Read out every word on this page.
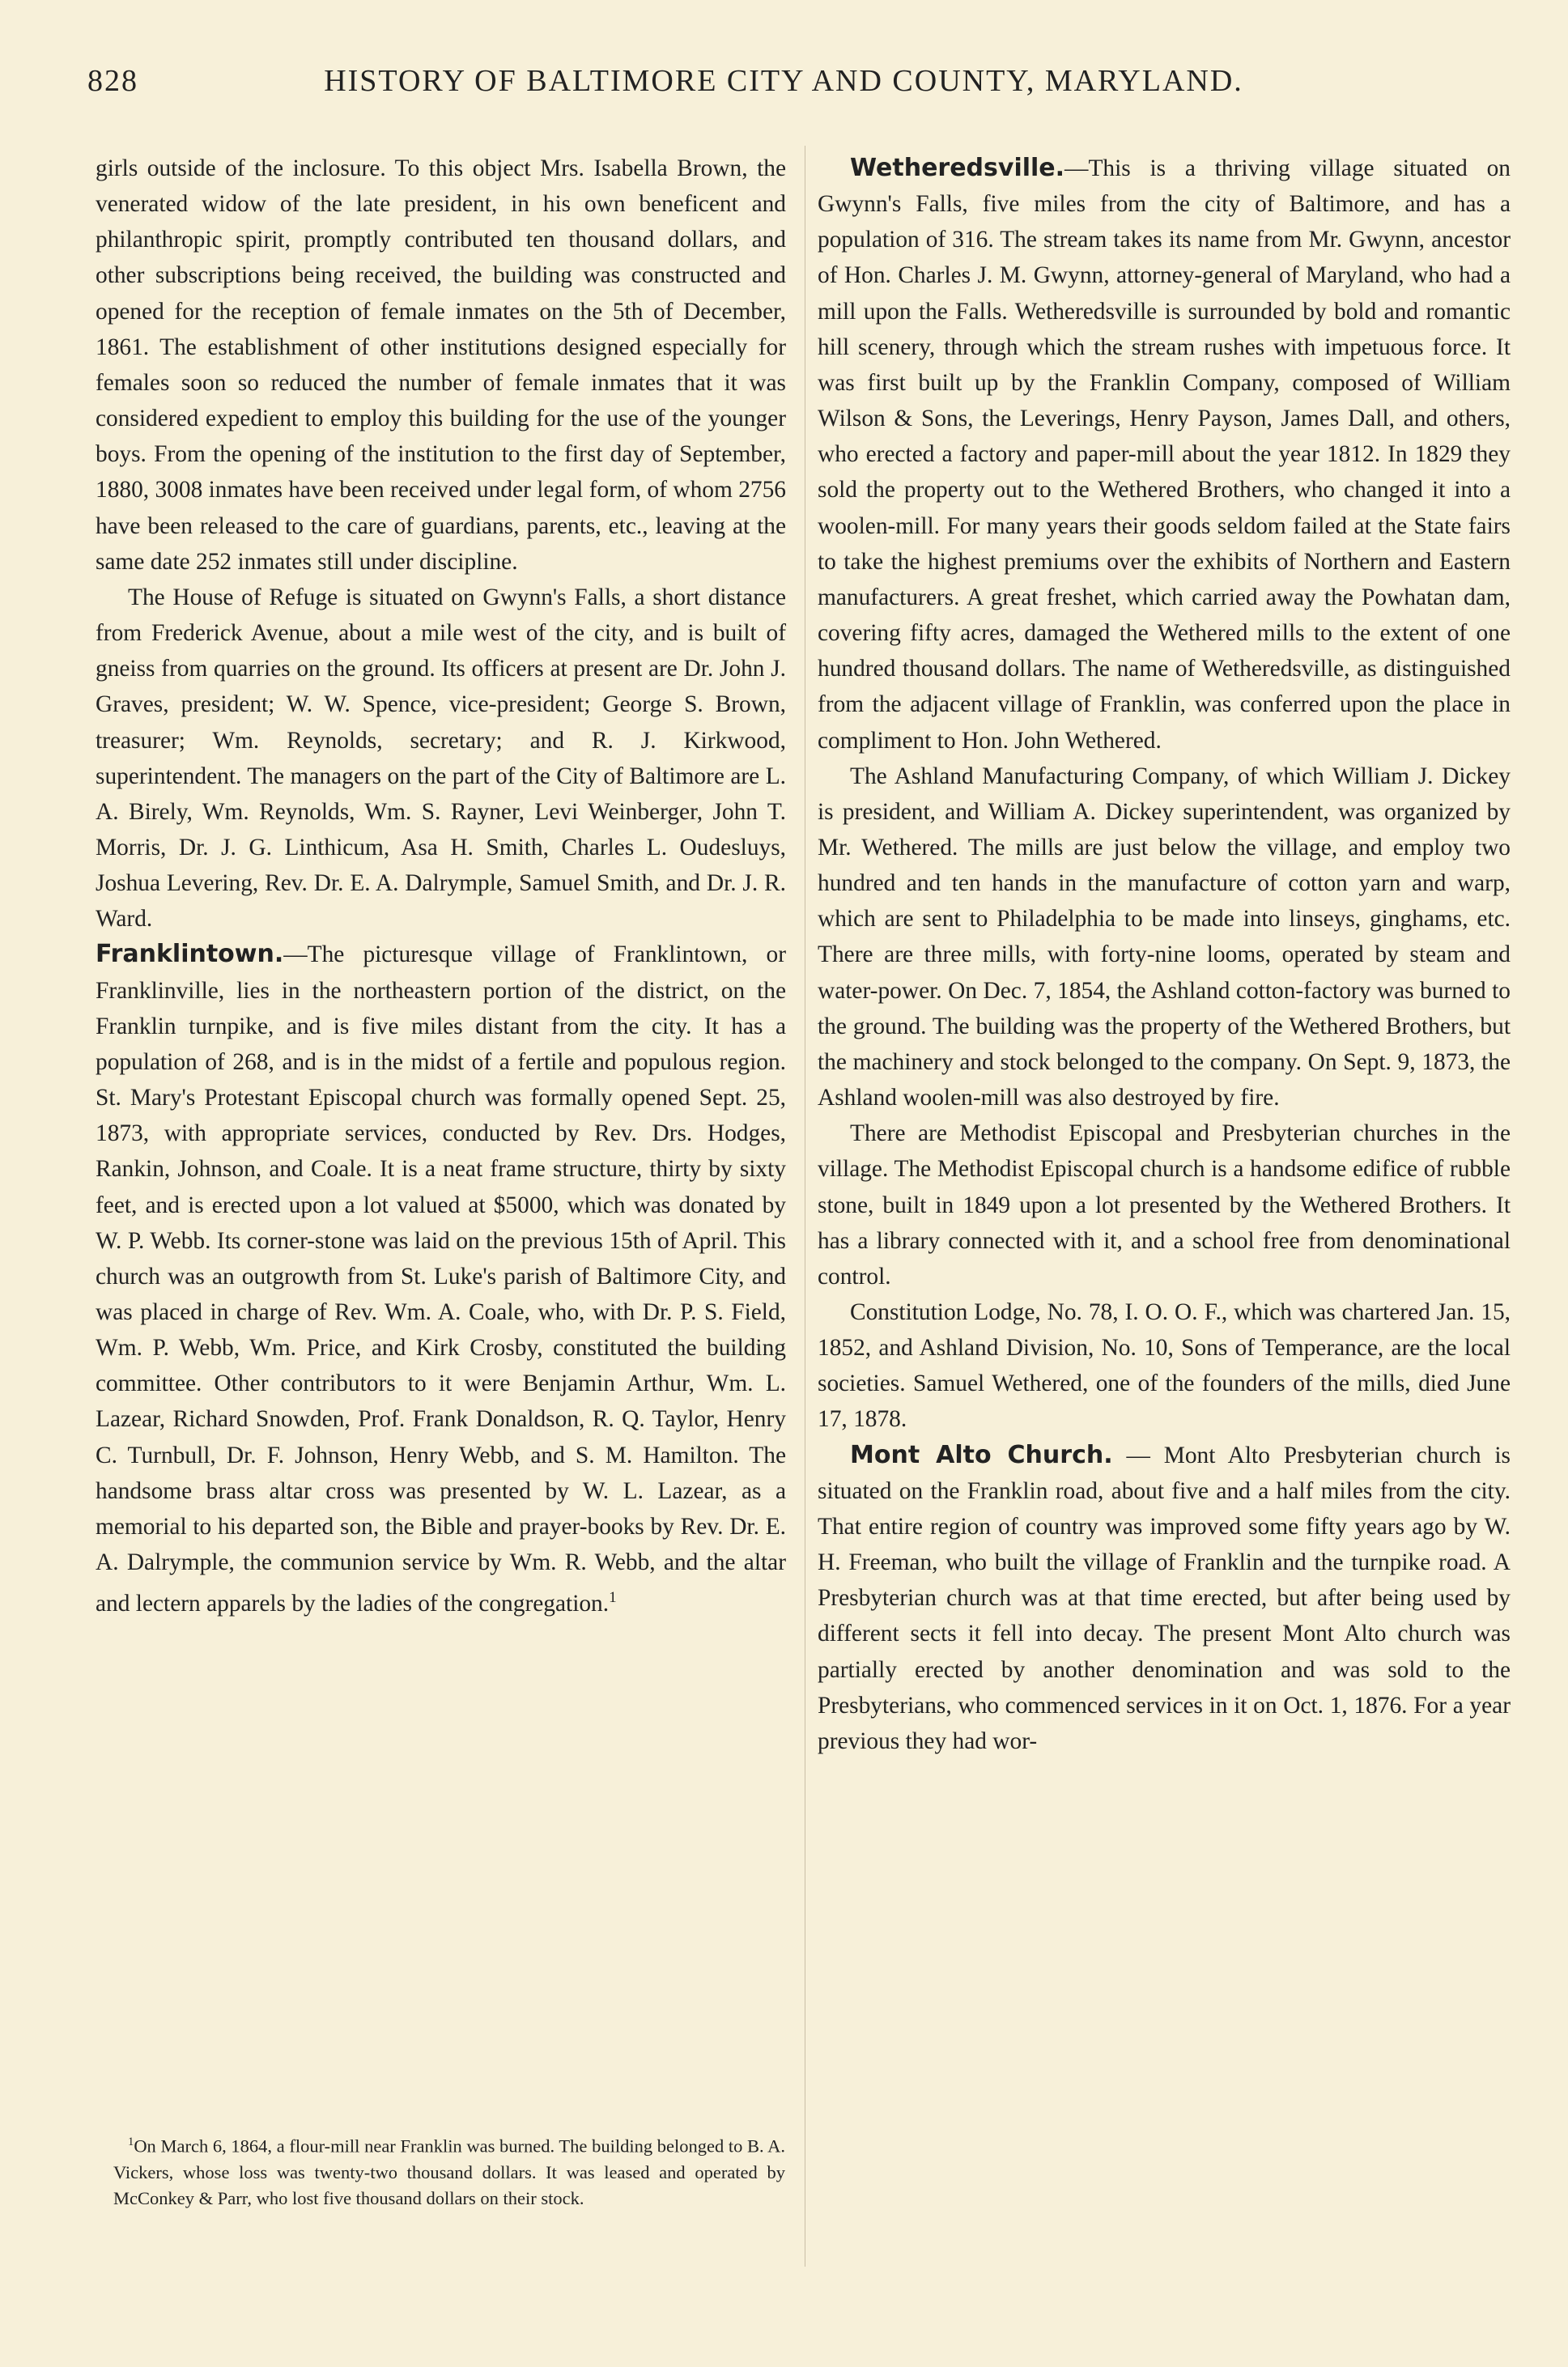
828	HISTORY OF BALTIMORE CITY AND COUNTY, MARYLAND.

girls outside of the inclosure. To this object Mrs. Isabella Brown, the venerated widow of the late president, in his own beneficent and philanthropic spirit, promptly contributed ten thousand dollars, and other subscriptions being received, the building was constructed and opened for the reception of female inmates on the 5th of December, 1861. The establishment of other institutions designed especially for females soon so reduced the number of female inmates that it was considered expedient to employ this building for the use of the younger boys. From the opening of the institution to the first day of September, 1880, 3008 inmates have been received under legal form, of whom 2756 have been released to the care of guardians, parents, etc., leaving at the same date 252 inmates still under discipline.

The House of Refuge is situated on Gwynn's Falls, a short distance from Frederick Avenue, about a mile west of the city, and is built of gneiss from quarries on the ground. Its officers at present are Dr. John J. Graves, president; W. W. Spence, vice-president; George S. Brown, treasurer; Wm. Reynolds, secretary; and R. J. Kirkwood, superintendent. The managers on the part of the City of Baltimore are L. A. Birely, Wm. Reynolds, Wm. S. Rayner, Levi Weinberger, John T. Morris, Dr. J. G. Linthicum, Asa H. Smith, Charles L. Oudesluys, Joshua Levering, Rev. Dr. E. A. Dalrymple, Samuel Smith, and Dr. J. R. Ward.

Franklintown.—The picturesque village of Franklintown, or Franklinville, lies in the northeastern portion of the district, on the Franklin turnpike, and is five miles distant from the city. It has a population of 268, and is in the midst of a fertile and populous region. St. Mary's Protestant Episcopal church was formally opened Sept. 25, 1873, with appropriate services, conducted by Rev. Drs. Hodges, Rankin, Johnson, and Coale. It is a neat frame structure, thirty by sixty feet, and is erected upon a lot valued at $5000, which was donated by W. P. Webb. Its corner-stone was laid on the previous 15th of April. This church was an outgrowth from St. Luke's parish of Baltimore City, and was placed in charge of Rev. Wm. A. Coale, who, with Dr. P. S. Field, Wm. P. Webb, Wm. Price, and Kirk Crosby, constituted the building committee. Other contributors to it were Benjamin Arthur, Wm. L. Lazear, Richard Snowden, Prof. Frank Donaldson, R. Q. Taylor, Henry C. Turnbull, Dr. F. Johnson, Henry Webb, and S. M. Hamilton. The handsome brass altar cross was presented by W. L. Lazear, as a memorial to his departed son, the Bible and prayer-books by Rev. Dr. E. A. Dalrymple, the communion service by Wm. R. Webb, and the altar and lectern apparels by the ladies of the congregation.$^1$

$^1$On March 6, 1864, a flour-mill near Franklin was burned. The building belonged to B. A. Vickers, whose loss was twenty-two thousand dollars. It was leased and operated by McConkey & Parr, who lost five thousand dollars on their stock.

Wetheredsville.—This is a thriving village situated on Gwynn's Falls, five miles from the city of Baltimore, and has a population of 316. The stream takes its name from Mr. Gwynn, ancestor of Hon. Charles J. M. Gwynn, attorney-general of Maryland, who had a mill upon the Falls. Wetheredsville is surrounded by bold and romantic hill scenery, through which the stream rushes with impetuous force. It was first built up by the Franklin Company, composed of William Wilson & Sons, the Leverings, Henry Payson, James Dall, and others, who erected a factory and paper-mill about the year 1812. In 1829 they sold the property out to the Wethered Brothers, who changed it into a woolen-mill. For many years their goods seldom failed at the State fairs to take the highest premiums over the exhibits of Northern and Eastern manufacturers. A great freshet, which carried away the Powhatan dam, covering fifty acres, damaged the Wethered mills to the extent of one hundred thousand dollars. The name of Wetheredsville, as distinguished from the adjacent village of Franklin, was conferred upon the place in compliment to Hon. John Wethered.

The Ashland Manufacturing Company, of which William J. Dickey is president, and William A. Dickey superintendent, was organized by Mr. Wethered. The mills are just below the village, and employ two hundred and ten hands in the manufacture of cotton yarn and warp, which are sent to Philadelphia to be made into linseys, ginghams, etc. There are three mills, with forty-nine looms, operated by steam and water-power. On Dec. 7, 1854, the Ashland cotton-factory was burned to the ground. The building was the property of the Wethered Brothers, but the machinery and stock belonged to the company. On Sept. 9, 1873, the Ashland woolen-mill was also destroyed by fire.

There are Methodist Episcopal and Presbyterian churches in the village. The Methodist Episcopal church is a handsome edifice of rubble stone, built in 1849 upon a lot presented by the Wethered Brothers. It has a library connected with it, and a school free from denominational control.

Constitution Lodge, No. 78, I. O. O. F., which was chartered Jan. 15, 1852, and Ashland Division, No. 10, Sons of Temperance, are the local societies. Samuel Wethered, one of the founders of the mills, died June 17, 1878.

Mont Alto Church. — Mont Alto Presbyterian church is situated on the Franklin road, about five and a half miles from the city. That entire region of country was improved some fifty years ago by W. H. Freeman, who built the village of Franklin and the turnpike road. A Presbyterian church was at that time erected, but after being used by different sects it fell into decay. The present Mont Alto church was partially erected by another denomination and was sold to the Presbyterians, who commenced services in it on Oct. 1, 1876. For a year previous they had wor-
